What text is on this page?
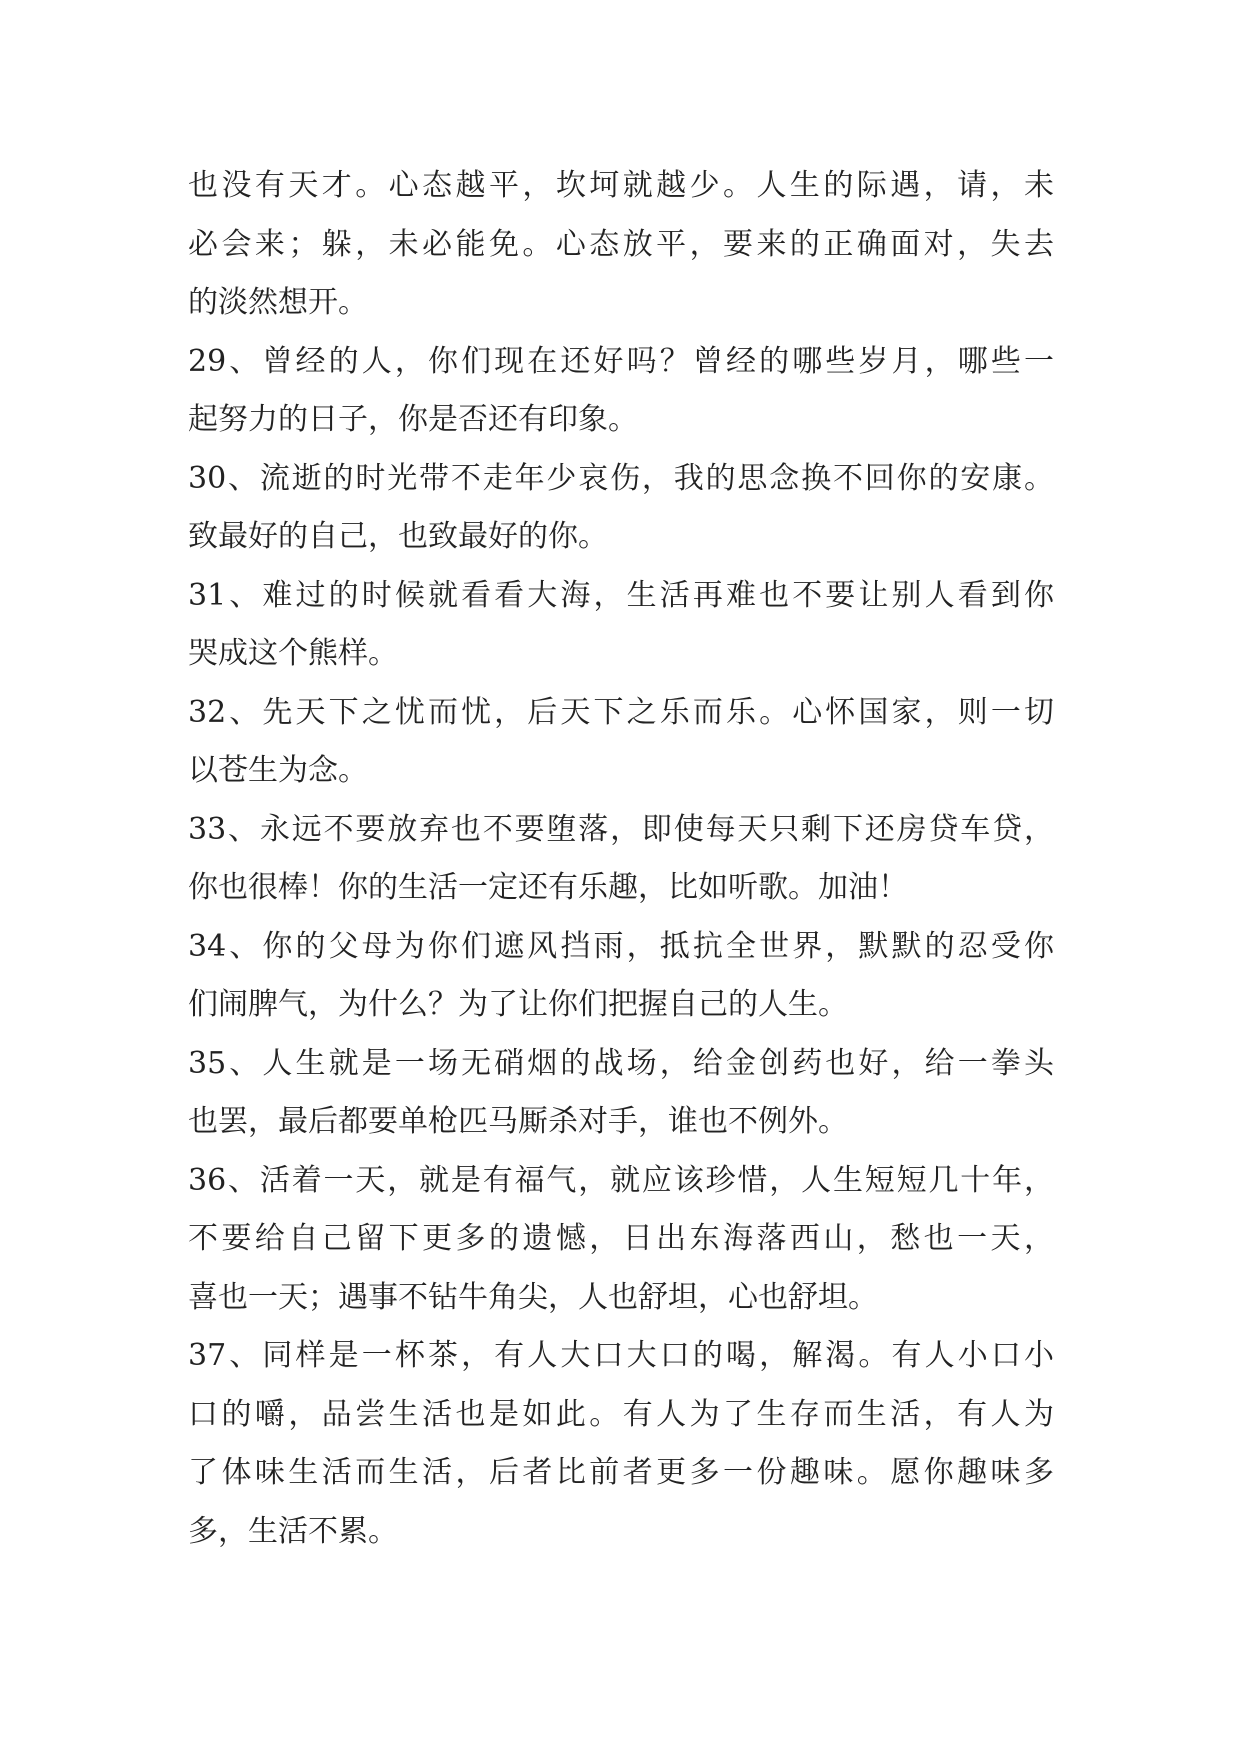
也没有天才。心态越平，坎坷就越少。人生的际遇，请，未
必会来；躲，未必能免。心态放平，要来的正确面对，失去
的淡然想开。
29、曾经的人，你们现在还好吗？曾经的哪些岁月，哪些一
起努力的日子，你是否还有印象。
30、流逝的时光带不走年少哀伤，我的思念换不回你的安康。
致最好的自己，也致最好的你。
31、难过的时候就看看大海，生活再难也不要让别人看到你
哭成这个熊样。
32、先天下之忧而忧，后天下之乐而乐。心怀国家，则一切
以苍生为念。
33、永远不要放弃也不要堕落，即使每天只剩下还房贷车贷，
你也很棒！你的生活一定还有乐趣，比如听歌。加油！
34、你的父母为你们遮风挡雨，抵抗全世界，默默的忍受你
们闹脾气，为什么？为了让你们把握自己的人生。
35、人生就是一场无硝烟的战场，给金创药也好，给一拳头
也罢，最后都要单枪匹马厮杀对手，谁也不例外。
36、活着一天，就是有福气，就应该珍惜，人生短短几十年，
不要给自己留下更多的遗憾，日出东海落西山，愁也一天，
喜也一天；遇事不钻牛角尖，人也舒坦，心也舒坦。
37、同样是一杯茶，有人大口大口的喝，解渴。有人小口小
口的嚼，品尝生活也是如此。有人为了生存而生活，有人为
了体味生活而生活，后者比前者更多一份趣味。愿你趣味多
多，生活不累。
